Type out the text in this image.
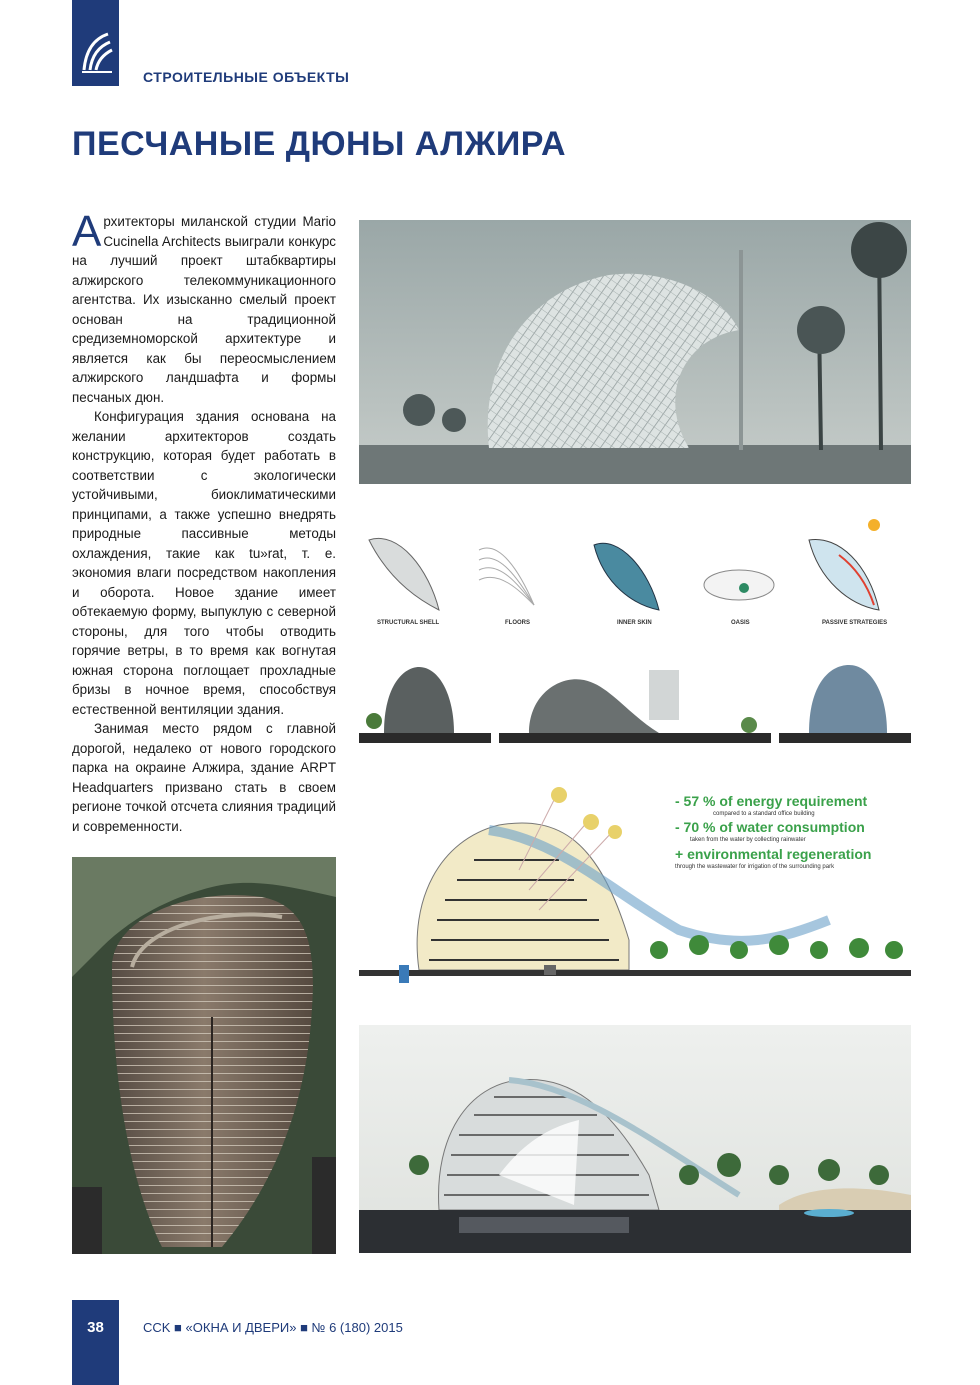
СТРОИТЕЛЬНЫЕ ОБЪЕКТЫ
ПЕСЧАНЫЕ ДЮНЫ АЛЖИРА

Архитекторы миланской студии Mario Cucinella Architects выиграли конкурс на лучший проект штабквартиры алжирского телекоммуникационного агентства. Их изысканно смелый проект основан на традиционной средиземноморской архитектуре и является как бы переосмыслением алжирского ландшафта и формы песчаных дюн.

Конфигурация здания основана на желании архитекторов создать конструкцию, которая будет работать в соответствии с экологически устойчивыми, биоклиматическими принципами, а также успешно внедрять природные пассивные методы охлаждения, такие как tu»rat, т. е. экономия влаги посредством накопления и оборота. Новое здание имеет обтекаемую форму, выпуклую с северной стороны, для того чтобы отводить горячие ветры, в то время как вогнутая южная сторона поглощает прохладные бризы в ночное время, способствуя естественной вентиляции здания.

Занимая место рядом с главной дорогой, недалеко от нового городского парка на окраине Алжира, здание ARPT Headquarters призвано стать в своем регионе точкой отсчета слияния традиций и современности.

STRUCTURAL SHELL	FLOORS	INNER SKIN	OASIS	PASSIVE STRATEGIES
- 57 % of energy requirement
compared to a standard office building
- 70 % of water consumption
taken from the water by collecting rainwater
+ environmental regeneration
through the wastewater for irrigation of the surrounding park
38	CCK ■ «ОКНА И ДВЕРИ» ■ № 6 (180) 2015
